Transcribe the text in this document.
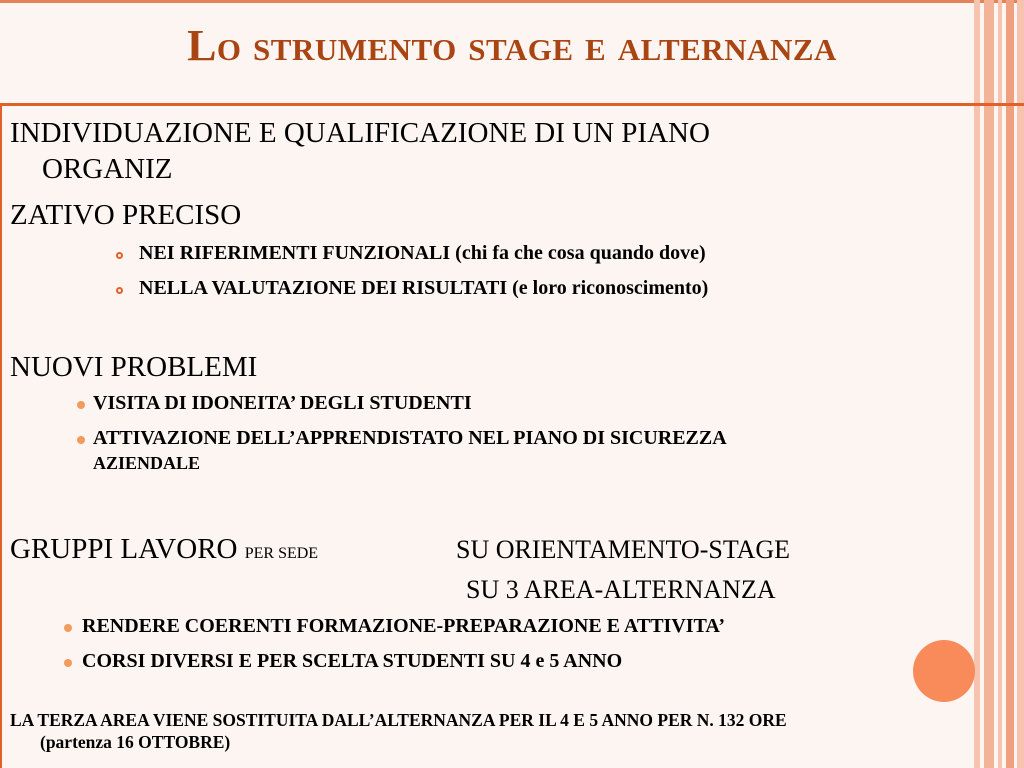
Lo strumento stage e alternanza
INDIVIDUAZIONE E QUALIFICAZIONE DI UN PIANO
ORGANIZ
ZATIVO PRECISO
NEI RIFERIMENTI FUNZIONALI (chi fa che cosa quando dove)
NELLA VALUTAZIONE DEI RISULTATI (e loro riconoscimento)
NUOVI PROBLEMI
VISITA DI IDONEITA’ DEGLI STUDENTI
ATTIVAZIONE DELL’APPRENDISTATO NEL PIANO DI SICUREZZA
AZIENDALE
GRUPPI LAVORO PER SEDE	SU ORIENTAMENTO-STAGE
SU 3 AREA-ALTERNANZA
RENDERE COERENTI FORMAZIONE-PREPARAZIONE E ATTIVITA’
CORSI DIVERSI E PER SCELTA STUDENTI SU 4 e 5 ANNO
LA TERZA AREA VIENE SOSTITUITA DALL’ALTERNANZA PER IL 4 E 5 ANNO PER N. 132 ORE
(partenza 16 OTTOBRE)
